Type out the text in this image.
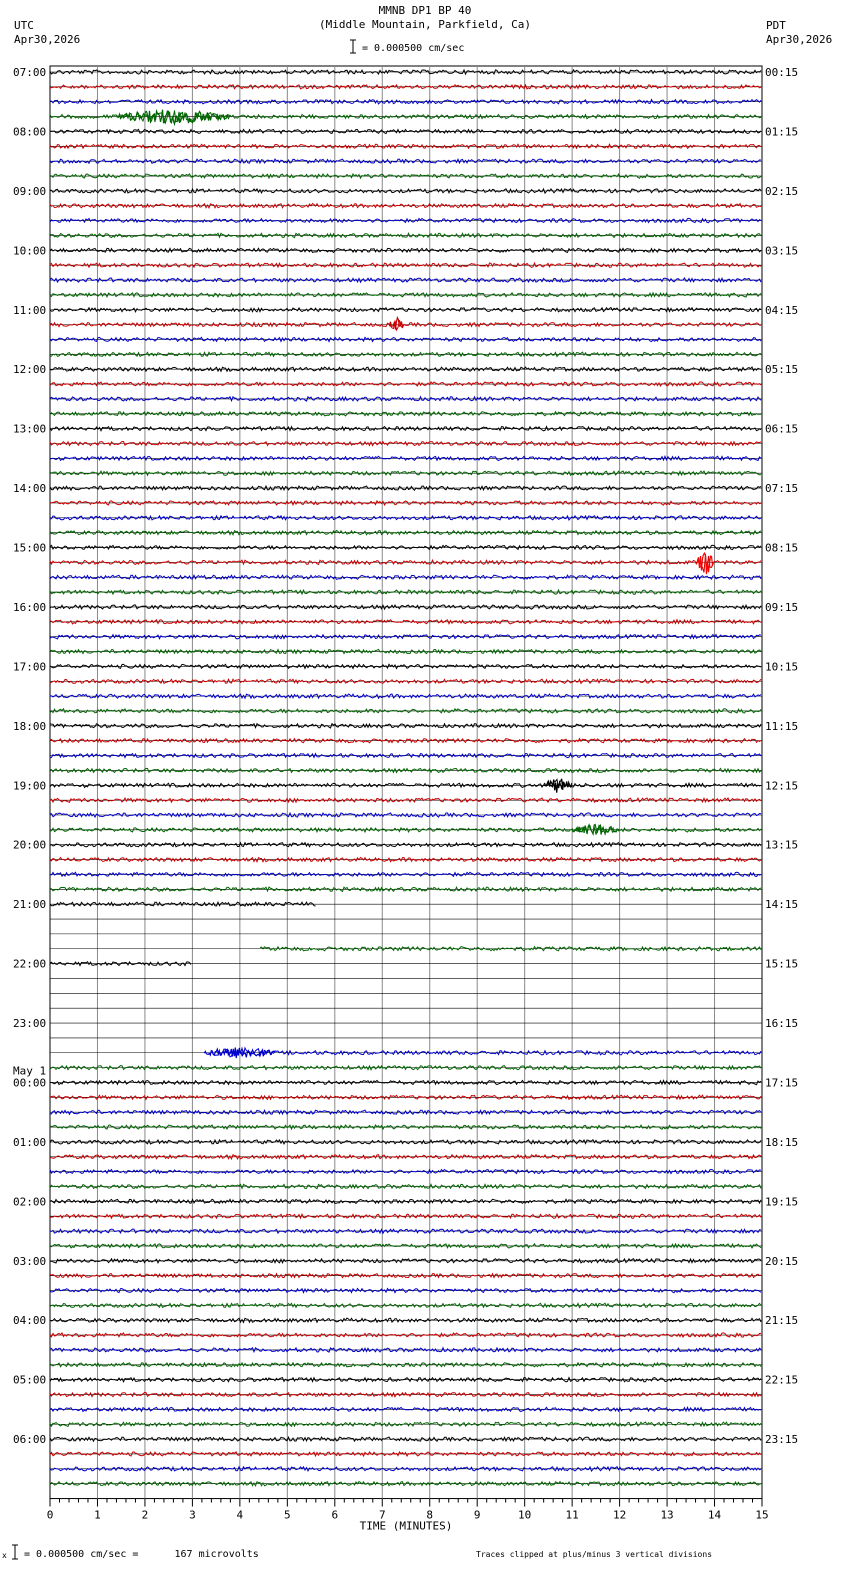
MMNB DP1 BP 40
(Middle Mountain, Parkfield, Ca)
= 0.000500 cm/sec
UTC
Apr30,2026
PDT
Apr30,2026
07:00
08:00
09:00
10:00
11:00
12:00
13:00
14:00
15:00
16:00
17:00
18:00
19:00
20:00
21:00
22:00
23:00
00:00
01:00
02:00
03:00
04:00
05:00
06:00
00:15
01:15
02:15
03:15
04:15
05:15
06:15
07:15
08:15
09:15
10:15
11:15
12:15
13:15
14:15
15:15
16:15
17:15
18:15
19:15
20:15
21:15
22:15
23:15
May 1
0	1	2	3	4	5	6	7	8	9	10	11	12	13	14	15
TIME (MINUTES)
x = 0.000500 cm/sec =      167 microvolts	Traces clipped at plus/minus 3 vertical divisions
